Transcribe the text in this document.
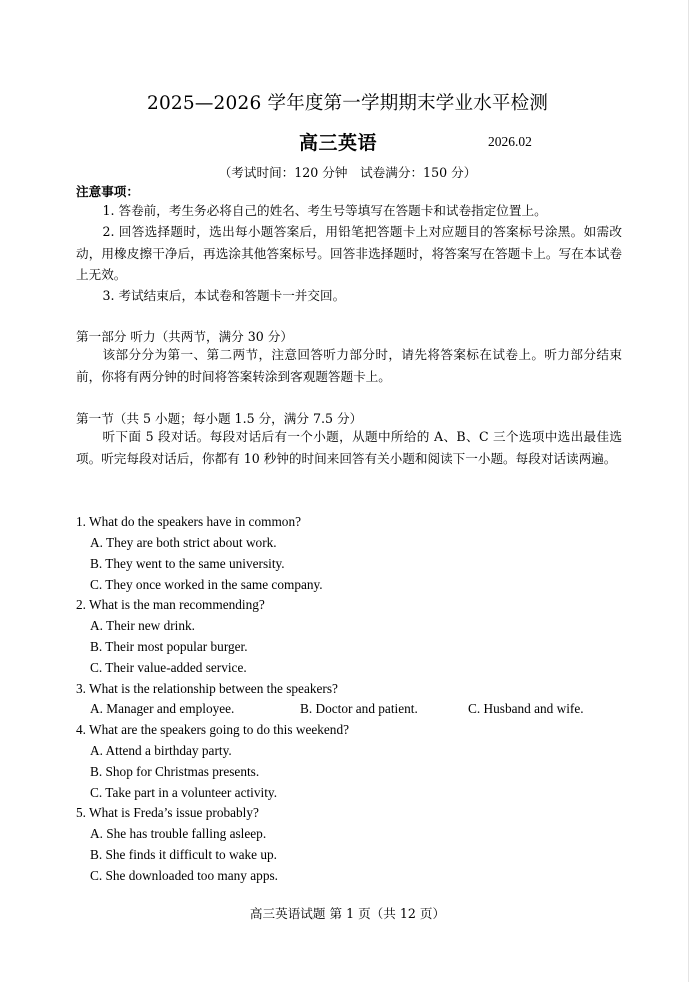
2025—2026 学年度第一学期期末学业水平检测
高三英语	2026.02
（考试时间：120 分钟　试卷满分：150 分）
注意事项：
1. 答卷前，考生务必将自己的姓名、考生号等填写在答题卡和试卷指定位置上。
2. 回答选择题时，选出每小题答案后，用铅笔把答题卡上对应题目的答案标号涂黑。如需改动，用橡皮擦干净后，再选涂其他答案标号。回答非选择题时，将答案写在答题卡上。写在本试卷上无效。
3. 考试结束后，本试卷和答题卡一并交回。
第一部分 听力（共两节，满分 30 分）
该部分分为第一、第二两节，注意回答听力部分时，请先将答案标在试卷上。听力部分结束前，你将有两分钟的时间将答案转涂到客观题答题卡上。
第一节（共 5 小题；每小题 1.5 分，满分 7.5 分）
听下面 5 段对话。每段对话后有一个小题，从题中所给的 A、B、C 三个选项中选出最佳选项。听完每段对话后，你都有 10 秒钟的时间来回答有关小题和阅读下一小题。每段对话读两遍。
1. What do the speakers have in common?
A. They are both strict about work.
B. They went to the same university.
C. They once worked in the same company.
2. What is the man recommending?
A. Their new drink.
B. Their most popular burger.
C. Their value-added service.
3. What is the relationship between the speakers?
A. Manager and employee.	B. Doctor and patient.	C. Husband and wife.
4. What are the speakers going to do this weekend?
A. Attend a birthday party.
B. Shop for Christmas presents.
C. Take part in a volunteer activity.
5. What is Freda’s issue probably?
A. She has trouble falling asleep.
B. She finds it difficult to wake up.
C. She downloaded too many apps.
高三英语试题 第 1 页（共 12 页）
